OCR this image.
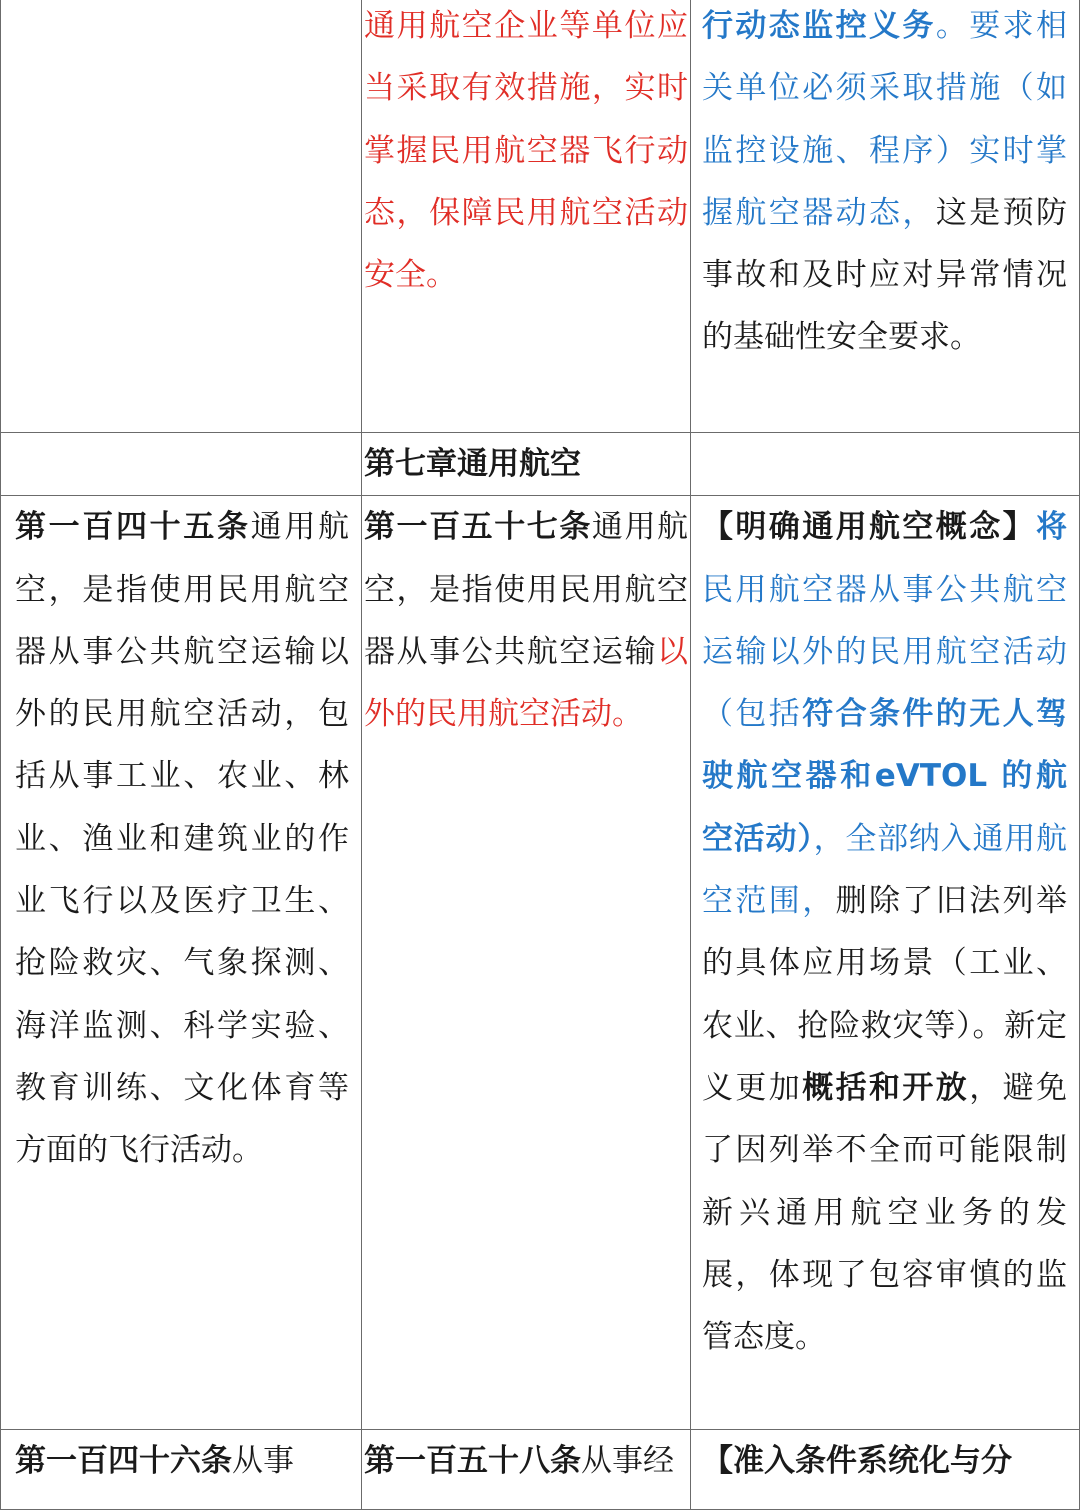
	通用航空企业等单位应当采取有效措施，实时掌握民用航空器飞行动态，保障民用航空活动安全。	行动态监控义务。要求相关单位必须采取措施（如监控设施、程序）实时掌握航空器动态，这是预防事故和及时应对异常情况的基础性安全要求。
	第七章通用航空	
第一百四十五条通用航空，是指使用民用航空器从事公共航空运输以外的民用航空活动，包括从事工业、农业、林业、渔业和建筑业的作业飞行以及医疗卫生、抢险救灾、气象探测、海洋监测、科学实验、教育训练、文化体育等方面的飞行活动。	第一百五十七条通用航空，是指使用民用航空器从事公共航空运输以外的民用航空活动。	【明确通用航空概念】将民用航空器从事公共航空运输以外的民用航空活动（包括符合条件的无人驾驶航空器和eVTOL 的航空活动），全部纳入通用航空范围，删除了旧法列举的具体应用场景（工业、农业、抢险救灾等）。新定义更加概括和开放，避免了因列举不全而可能限制新兴通用航空业务的发展，体现了包容审慎的监管态度。
第一百四十六条从事	第一百五十八条从事经	【准入条件系统化与分
